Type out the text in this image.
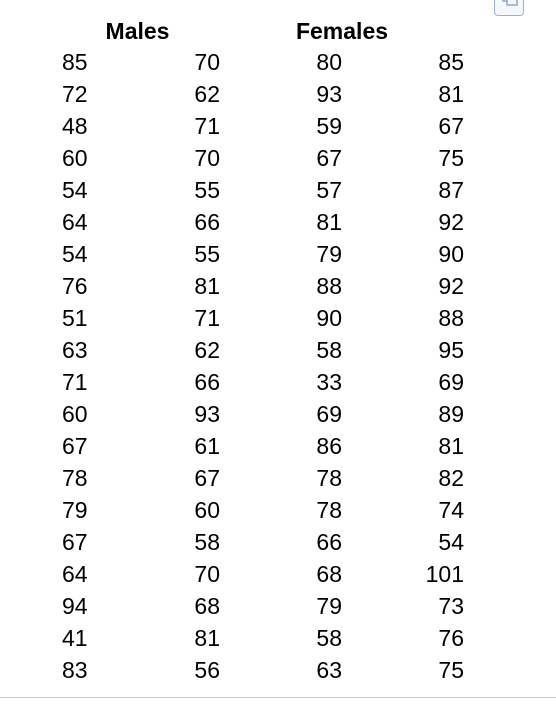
Males		Females	
85	70	80	85
72	62	93	81
48	71	59	67
60	70	67	75
54	55	57	87
64	66	81	92
54	55	79	90
76	81	88	92
51	71	90	88
63	62	58	95
71	66	33	69
60	93	69	89
67	61	86	81
78	67	78	82
79	60	78	74
67	58	66	54
64	70	68	101
94	68	79	73
41	81	58	76
83	56	63	75
